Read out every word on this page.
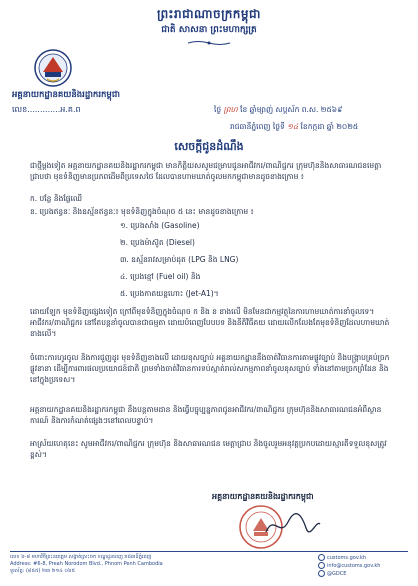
ព្រះរាជាណាចក្រកម្ពុជា
ជាតិ សាសនា ព្រះមហាក្សត្រ
អគ្គនាយកដ្ឋានគយនិងរដ្ឋាករកម្ពុជា
លេខ.............អ.គ.ព	ថ្ងៃ ព្រហ ខែ ឆ្នាំម្សាញ់ សប្តស័ក ព.ស. ២៥៦៩
រាជធានីភ្នំពេញ ថ្ងៃទី ១៤ ខែកក្កដា ឆ្នាំ ២០២៥
សេចក្តីជូនដំណឹង
ជាថ្មីម្តងទៀត អគ្គនាយកដ្ឋានគយនិងរដ្ឋាករកម្ពុជា មានកិត្តិយសសូមជម្រាបជូនអាជីវករ/ពាណិជ្ជករ ក្រុមហ៊ុននិងសាធារណជនមេត្តាជ្រាបថា មុខទំនិញមានប្រភពដើមពីប្រទេសថៃ ដែលបានហាមឃាត់ចូលមកកម្ពុជាមានដូចខាងក្រោម ៖
ក. បន្លែ និងផ្លែឈើ
ខ. ប្រេងឥន្ធនៈ និងឧស្ម័នឥន្ធនៈ៖ មុខទំនិញក្នុងចំណុច ៥ នេះ មានដូចខាងក្រោម ៖
១. ប្រេងសាំង (Gasoline)
២. ប្រេងម៉ាស៊ូត (Diesel)
៣. ឧស្ម័នរាវសម្រាប់ដុត (LPG និង LNG)
៤. ប្រេងខ្មៅ (Fuel oil) និង
៥. ប្រេងកាតយន្តហោះ (Jet-A1)។
ដោយឡែក មុខទំនិញផ្សេងទៀត ក្រៅពីមុខទំនិញក្នុងចំណុច ក និង ខ ខាងលើ មិនមែនជាកម្មវត្ថុនៃការហាមឃាត់ការនាំចូលទេ។ អាជីវករ/ពាណិជ្ជករ នៅតែបន្តនាំចូលបានជាធម្មតា ដោយបំពេញបែបបទ និងនីតិវិធីគយ ដោយលើកលែងតែមុខទំនិញដែលហាមឃាត់ខាងលើ។
ចំពោះការហូរចូល និងការជួញដូរ មុខទំនិញខាងលើ ដោយខុសច្បាប់ អគ្គនាយកដ្ឋាននឹងចាត់វិធានការតាមផ្លូវច្បាប់ និងបង្ក្រាបគ្រប់ច្រកផ្លូវនានា ដើម្បីការពារផលប្រយោជន៍ជាតិ ព្រមទាំងចាត់វិធានការទប់ស្កាត់រាល់សកម្មភាពនាំចូលខុសច្បាប់ ទាំងនៅតាមច្រកព្រំដែន និងនៅក្នុងប្រទេស។
អគ្គនាយកដ្ឋានគយនិងរដ្ឋាករកម្ពុជា នឹងបន្តតាមដាន និងធ្វើបច្ចុប្បន្នភាពជូនអាជីវករ/ពាណិជ្ជករ ក្រុមហ៊ុននិងសាធារណជនអំពីស្ថានការណ៍ និងការកំណត់ផ្សេងៗនៅពេលបន្ទាប់។
អាស្រ័យហេតុនេះ សូមអាជីវករ/ពាណិជ្ជករ ក្រុមហ៊ុន និងសាធារណជន មេត្តាជ្រាប និងចូលរួមអនុវត្តប្រកបដោយស្មារតីទទួលខុសត្រូវខ្ពស់។
អគ្គនាយកដ្ឋានគយនិងរដ្ឋាករកម្ពុជា
លេខ ៦-៨ មហាវិថីព្រះនរោត្តម សង្កាត់ស្រះចក ខណ្ឌដូនពេញ រាជធានីភ្នំពេញ
Address: #6-8, Preah Norodom Blvd., Phnom Penh Cambodia
ទូរស័ព្ទ: (៨៥៥) ២៣ ២១៤ ០៦៥
customs.gov.kh
info@customs.gov.kh
@GDCE
